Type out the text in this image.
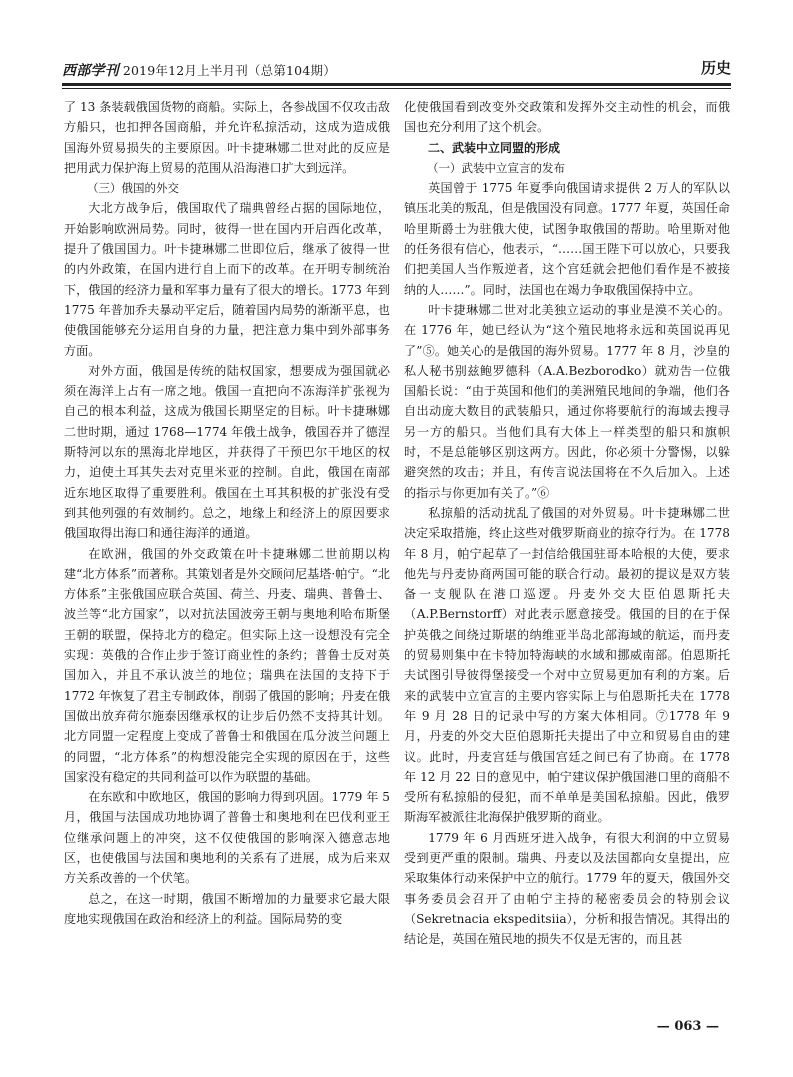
西部学刊 2019年12月上半月刊（总第104期）	历史

了 13 条装载俄国货物的商船。实际上，各参战国不仅攻击敌方船只，也扣押各国商船，并允许私掠活动，这成为造成俄国海外贸易损失的主要原因。叶卡捷琳娜二世对此的反应是把用武力保护海上贸易的范围从沿海港口扩大到远洋。

（三）俄国的外交

大北方战争后，俄国取代了瑞典曾经占据的国际地位，开始影响欧洲局势。同时，彼得一世在国内开启西化改革，提升了俄国国力。叶卡捷琳娜二世即位后，继承了彼得一世的内外政策，在国内进行自上而下的改革。在开明专制统治下，俄国的经济力量和军事力量有了很大的增长。1773 年到 1775 年普加乔夫暴动平定后，随着国内局势的渐渐平息，也使俄国能够充分运用自身的力量，把注意力集中到外部事务方面。

对外方面，俄国是传统的陆权国家，想要成为强国就必须在海洋上占有一席之地。俄国一直把向不冻海洋扩张视为自己的根本利益，这成为俄国长期坚定的目标。叶卡捷琳娜二世时期，通过 1768—1774 年俄土战争，俄国吞并了德涅斯特河以东的黑海北岸地区，并获得了干预巴尔干地区的权力，迫使土耳其失去对克里米亚的控制。自此，俄国在南部近东地区取得了重要胜利。俄国在土耳其积极的扩张没有受到其他列强的有效制约。总之，地缘上和经济上的原因要求俄国取得出海口和通往海洋的通道。

在欧洲，俄国的外交政策在叶卡捷琳娜二世前期以构建“北方体系”而著称。其策划者是外交顾问尼基塔·帕宁。“北方体系”主张俄国应联合英国、荷兰、丹麦、瑞典、普鲁士、波兰等“北方国家”，以对抗法国波旁王朝与奥地利哈布斯堡王朝的联盟，保持北方的稳定。但实际上这一设想没有完全实现：英俄的合作止步于签订商业性的条约；普鲁士反对英国加入，并且不承认波兰的地位；瑞典在法国的支持下于 1772 年恢复了君主专制政体，削弱了俄国的影响；丹麦在俄国做出放弃荷尔施泰因继承权的让步后仍然不支持其计划。北方同盟一定程度上变成了普鲁士和俄国在瓜分波兰问题上的同盟，“北方体系”的构想没能完全实现的原因在于，这些国家没有稳定的共同利益可以作为联盟的基础。

在东欧和中欧地区，俄国的影响力得到巩固。1779 年 5 月，俄国与法国成功地协调了普鲁士和奥地利在巴伐利亚王位继承问题上的冲突，这不仅使俄国的影响深入德意志地区，也使俄国与法国和奥地利的关系有了进展，成为后来双方关系改善的一个伏笔。

总之，在这一时期，俄国不断增加的力量要求它最大限度地实现俄国在政治和经济上的利益。国际局势的变

化使俄国看到改变外交政策和发挥外交主动性的机会，而俄国也充分利用了这个机会。

二、武装中立同盟的形成

（一）武装中立宣言的发布

英国曾于 1775 年夏季向俄国请求提供 2 万人的军队以镇压北美的叛乱，但是俄国没有同意。1777 年夏，英国任命哈里斯爵士为驻俄大使，试图争取俄国的帮助。哈里斯对他的任务很有信心，他表示，“……国王陛下可以放心，只要我们把美国人当作叛逆者，这个宫廷就会把他们看作是不被接纳的人……”。同时，法国也在竭力争取俄国保持中立。

叶卡捷琳娜二世对北美独立运动的事业是漠不关心的。在 1776 年，她已经认为“这个殖民地将永远和英国说再见了”⑤。她关心的是俄国的海外贸易。1777 年 8 月，沙皇的私人秘书别兹鲍罗德科（A.A.Bezborodko）就劝告一位俄国船长说：“由于英国和他们的美洲殖民地间的争端，他们各自出动庞大数目的武装船只，通过你将要航行的海域去搜寻另一方的船只。当他们具有大体上一样类型的船只和旗帜时，不是总能够区别这两方。因此，你必须十分警惕，以躲避突然的攻击；并且，有传言说法国将在不久后加入。上述的指示与你更加有关了。”⑥

私掠船的活动扰乱了俄国的对外贸易。叶卡捷琳娜二世决定采取措施，终止这些对俄罗斯商业的掠夺行为。在 1778 年 8 月，帕宁起草了一封信给俄国驻哥本哈根的大使，要求他先与丹麦协商两国可能的联合行动。最初的提议是双方装备一支舰队在港口巡逻。丹麦外交大臣伯恩斯托夫（A.P.Bernstorff）对此表示愿意接受。俄国的目的在于保护英俄之间绕过斯堪的纳维亚半岛北部海域的航运，而丹麦的贸易则集中在卡特加特海峡的水域和挪威南部。伯恩斯托夫试图引导彼得堡接受一个对中立贸易更加有利的方案。后来的武装中立宣言的主要内容实际上与伯恩斯托夫在 1778 年 9 月 28 日的记录中写的方案大体相同。⑦1778 年 9 月，丹麦的外交大臣伯恩斯托夫提出了中立和贸易自由的建议。此时，丹麦宫廷与俄国宫廷之间已有了协商。在 1778 年 12 月 22 日的意见中，帕宁建议保护俄国港口里的商船不受所有私掠船的侵犯，而不单单是美国私掠船。因此，俄罗斯海军被派往北海保护俄罗斯的商业。

1779 年 6 月西班牙进入战争，有很大利润的中立贸易受到更严重的限制。瑞典、丹麦以及法国都向女皇提出，应采取集体行动来保护中立的航行。1779 年的夏天，俄国外交事务委员会召开了由帕宁主持的秘密委员会的特别会议（Sekretnacia ekspeditsiia），分析和报告情况。其得出的结论是，英国在殖民地的损失不仅是无害的，而且甚

— 063 —
